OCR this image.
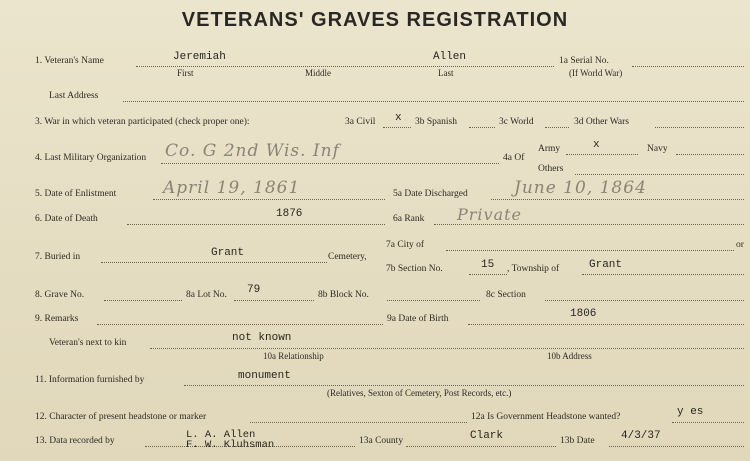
VETERANS' GRAVES REGISTRATION
1. Veteran's Name	Jeremiah	Allen
First	Middle	Last
1a Serial No.
(If World War)
Last Address
3. War in which veteran participated (check proper one):	3a Civil x 3b Spanish	3c World	3d Other Wars
4. Last Military Organization Co. G 2nd Wis. Inf	4a Of
Army	x	Navy
Others
5. Date of Enlistment	April 19, 1861	5a Date Discharged	June 10, 1864
6. Date of Death	1876	6a Rank Private
7. Buried in	Grant	Cemetery,
7a City of	or
7b Section No.	15 , Township of	Grant
8. Grave No.	8a Lot No. 79	8b Block No.	8c Section
9. Remarks	9a Date of Birth	1806
Veteran's next to kin	not known
10a Relationship	10b Address
11. Information furnished by	monument
(Relatives, Sexton of Cemetery, Post Records, etc.)
12. Character of present headstone or marker	12a Is Government Headstone wanted?	y es
13. Data recorded by	L. A. Allen
F. W. Kluhsman	13a County	Clark	13b Date 4/3/37
